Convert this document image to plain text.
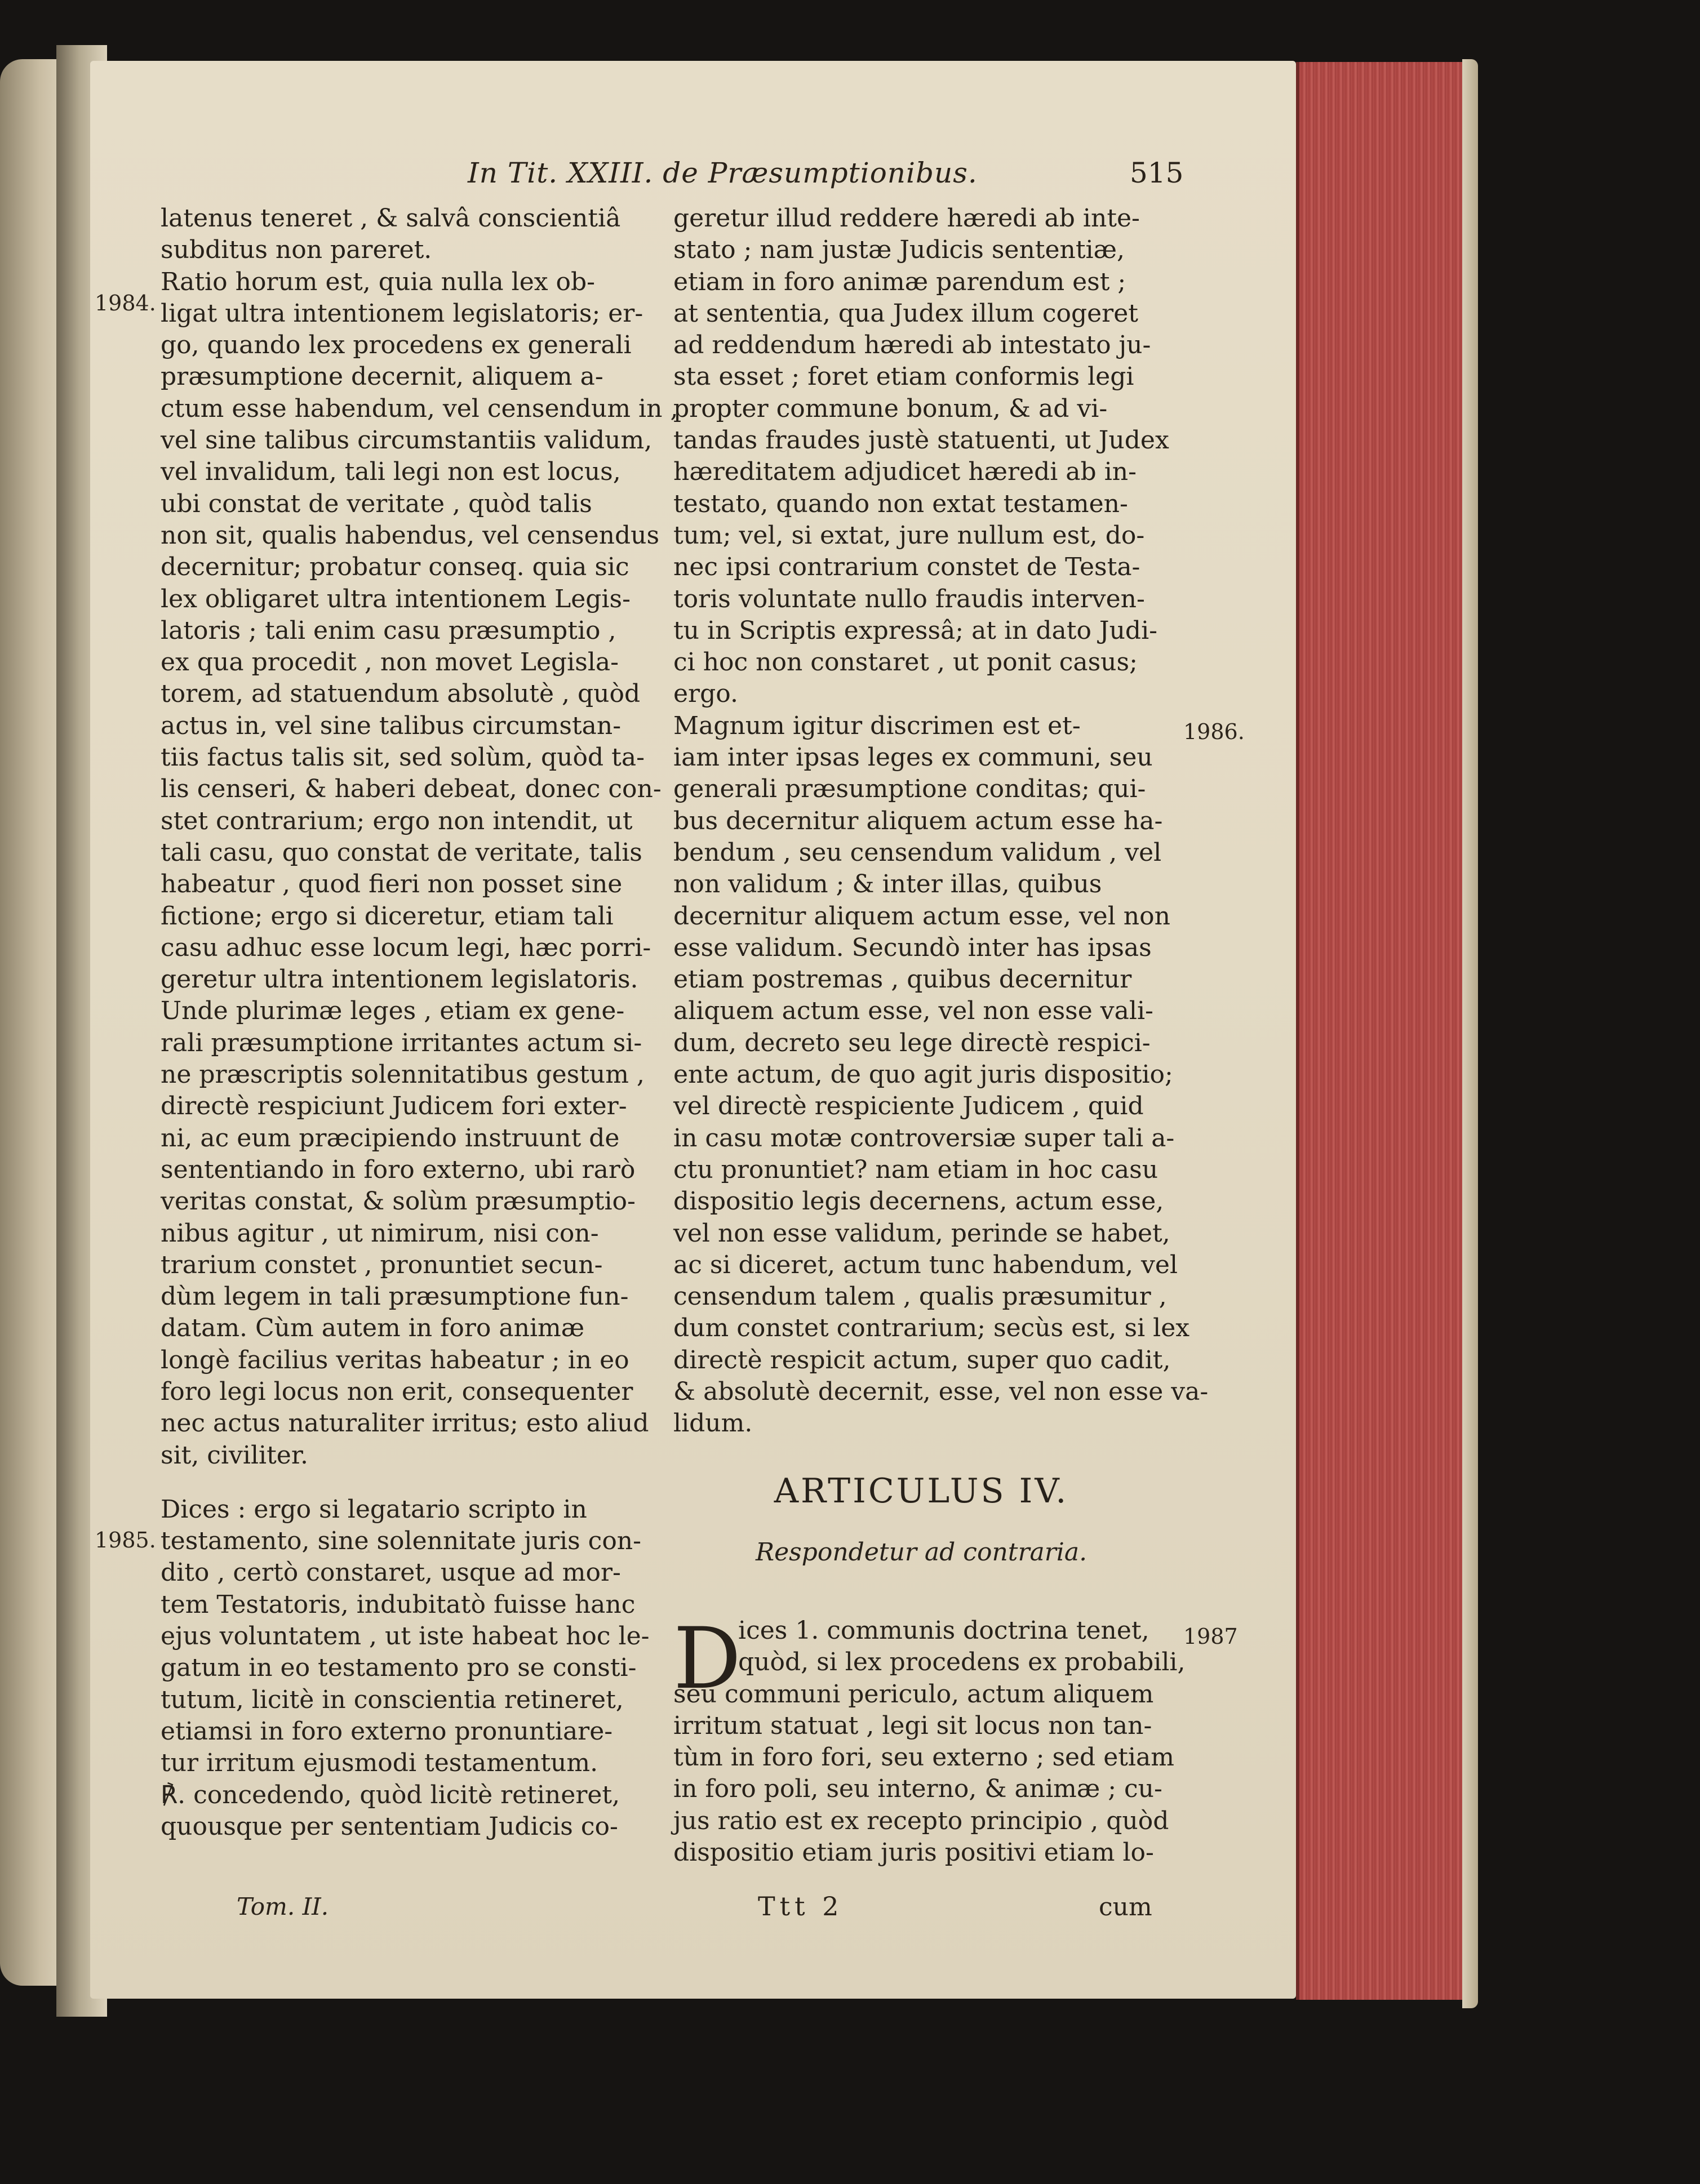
In Tit. XXIII. de Præsumptionibus.	515
1984.
1985.
1986.
1987
latenus teneret , & salvâ conscientiâ
subditus non pareret.
Ratio horum est, quia nulla lex ob-
ligat ultra intentionem legislatoris; er-
go, quando lex procedens ex generali
præsumptione decernit, aliquem a-
ctum esse habendum, vel censendum in ,
vel sine talibus circumstantiis validum,
vel invalidum, tali legi non est locus,
ubi constat de veritate , quòd talis
non sit, qualis habendus, vel censendus
decernitur; probatur conseq. quia sic
lex obligaret ultra intentionem Legis-
latoris ; tali enim casu præsumptio ,
ex qua procedit , non movet Legisla-
torem, ad statuendum absolutè , quòd
actus in, vel sine talibus circumstan-
tiis factus talis sit, sed solùm, quòd ta-
lis censeri, & haberi debeat, donec con-
stet contrarium; ergo non intendit, ut
tali casu, quo constat de veritate, talis
habeatur , quod fieri non posset sine
fictione; ergo si diceretur, etiam tali
casu adhuc esse locum legi, hæc porri-
geretur ultra intentionem legislatoris.
Unde plurimæ leges , etiam ex gene-
rali præsumptione irritantes actum si-
ne præscriptis solennitatibus gestum ,
directè respiciunt Judicem fori exter-
ni, ac eum præcipiendo instruunt de
sententiando in foro externo, ubi rarò
veritas constat, & solùm præsumptio-
nibus agitur , ut nimirum, nisi con-
trarium constet , pronuntiet secun-
dùm legem in tali præsumptione fun-
datam. Cùm autem in foro animæ
longè facilius veritas habeatur ; in eo
foro legi locus non erit, consequenter
nec actus naturaliter irritus; esto aliud
sit, civiliter.
Dices : ergo si legatario scripto in
testamento, sine solennitate juris con-
dito , certò constaret, usque ad mor-
tem Testatoris, indubitatò fuisse hanc
ejus voluntatem , ut iste habeat hoc le-
gatum in eo testamento pro se consti-
tutum, licitè in conscientia retineret,
etiamsi in foro externo pronuntiare-
tur irritum ejusmodi testamentum.
℟. concedendo, quòd licitè retineret,
quousque per sententiam Judicis co-
geretur illud reddere hæredi ab inte-
stato ; nam justæ Judicis sententiæ,
etiam in foro animæ parendum est ;
at sententia, qua Judex illum cogeret
ad reddendum hæredi ab intestato ju-
sta esset ; foret etiam conformis legi
propter commune bonum, & ad vi-
tandas fraudes justè statuenti, ut Judex
hæreditatem adjudicet hæredi ab in-
testato, quando non extat testamen-
tum; vel, si extat, jure nullum est, do-
nec ipsi contrarium constet de Testa-
toris voluntate nullo fraudis interven-
tu in Scriptis expressâ; at in dato Judi-
ci hoc non constaret , ut ponit casus;
ergo.
Magnum igitur discrimen est et-
iam inter ipsas leges ex communi, seu
generali præsumptione conditas; qui-
bus decernitur aliquem actum esse ha-
bendum , seu censendum validum , vel
non validum ; & inter illas, quibus
decernitur aliquem actum esse, vel non
esse validum. Secundò inter has ipsas
etiam postremas , quibus decernitur
aliquem actum esse, vel non esse vali-
dum, decreto seu lege directè respici-
ente actum, de quo agit juris dispositio;
vel directè respiciente Judicem , quid
in casu motæ controversiæ super tali a-
ctu pronuntiet? nam etiam in hoc casu
dispositio legis decernens, actum esse,
vel non esse validum, perinde se habet,
ac si diceret, actum tunc habendum, vel
censendum talem , qualis præsumitur ,
dum constet contrarium; secùs est, si lex
directè respicit actum, super quo cadit,
& absolutè decernit, esse, vel non esse va-
lidum.
ARTICULUS IV.
Respondetur ad contraria.
D
ices 1. communis doctrina tenet,
quòd, si lex procedens ex probabili,
seu communi periculo, actum aliquem
irritum statuat , legi sit locus non tan-
tùm in foro fori, seu externo ; sed etiam
in foro poli, seu interno, & animæ ; cu-
jus ratio est ex recepto principio , quòd
dispositio etiam juris positivi etiam lo-
Tom. II.	Ttt 2	cum
